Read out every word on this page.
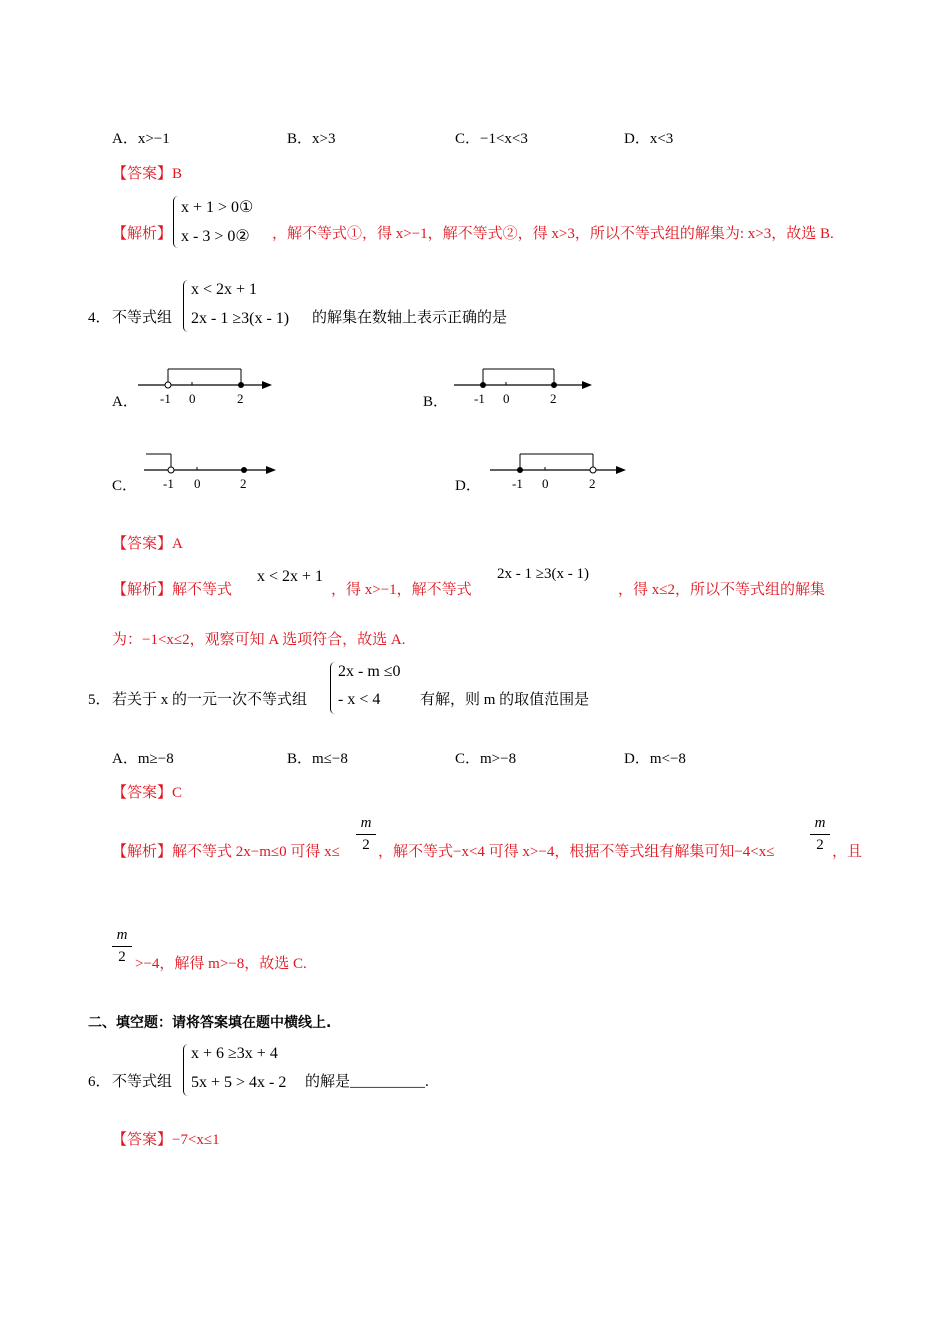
A．x>−1	B．x>3	C．−1<x<3	D．x<3
【答案】B
【解析】
x + 1 > 0①
x - 3 > 0② ，解不等式①，得 x>−1，解不等式②，得 x>3，所以不等式组的解集为: x>3，故选 B.
4． 不等式组
x < 2x + 1
2x - 1 ≥3(x - 1) 的解集在数轴上表示正确的是
A． -1 0	2	B． -1 0	2
C． -1 0	2	D． -1 0	2
【答案】A
【解析】解不等式
x < 2x + 1
，得 x>−1，解不等式
2x - 1 ≥3(x - 1)
，得 x≤2，所以不等式组的解集
为：−1<x≤2，观察可知 A 选项符合，故选 A.
5． 若关于 x 的一元一次不等式组
2x - m ≤0
- x < 4	有解，则 m 的取值范围是
A．m≥−8	B．m≤−8	C．m>−8	D．m<−8
【答案】C
【解析】解不等式 2x−m≤0 可得 x≤
m
2 ，解不等式−x<4 可得 x>−4，根据不等式组有解集可知−4<x≤
m
2 ，且
m
2 >−4，解得 m>−8，故选 C.
二、填空题：请将答案填在题中横线上.
6． 不等式组
x + 6 ≥3x + 4
5x + 5 > 4x - 2 的解是__________.
【答案】−7<x≤1
